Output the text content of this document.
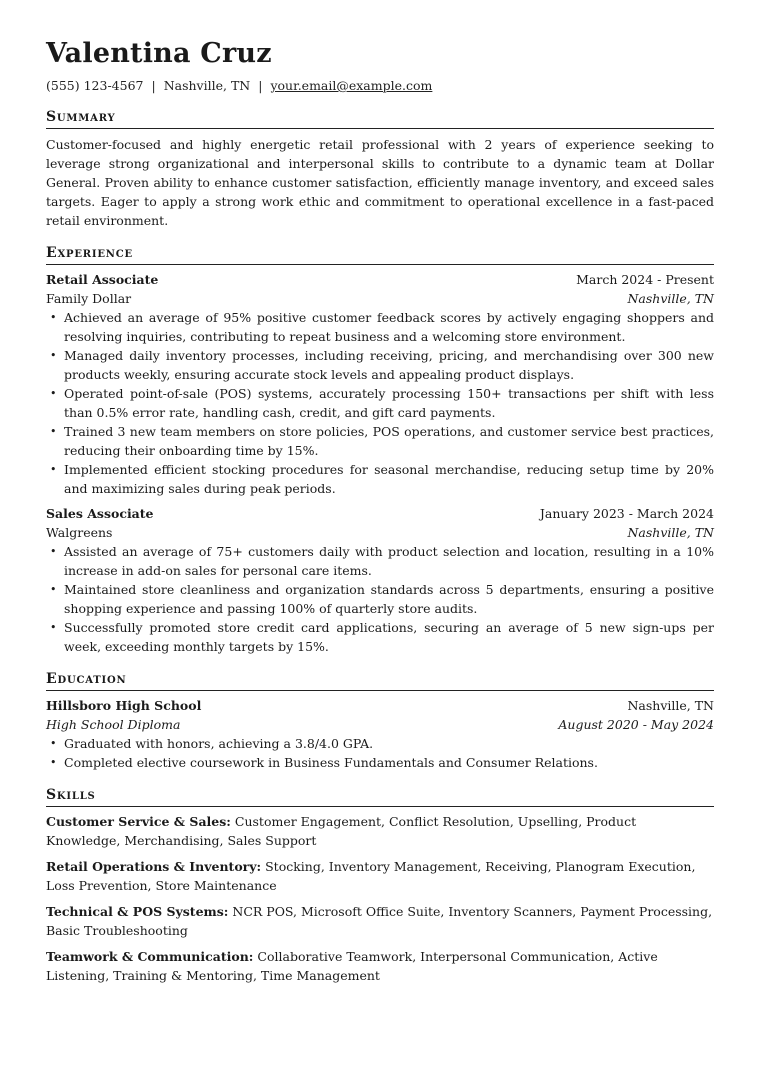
Valentina Cruz
(555) 123-4567 | Nashville, TN | your.email@example.com
Summary

Customer-focused and highly energetic retail professional with 2 years of experience seeking to leverage strong organizational and interpersonal skills to contribute to a dynamic team at Dollar General. Proven ability to enhance customer satisfaction, efficiently manage inventory, and exceed sales targets. Eager to apply a strong work ethic and commitment to operational excellence in a fast-paced retail environment.

Experience
Retail Associate	March 2024 - Present
Family Dollar	Nashville, TN
• Achieved an average of 95% positive customer feedback scores by actively engaging shoppers and resolving inquiries, contributing to repeat business and a welcoming store environment.
• Managed daily inventory processes, including receiving, pricing, and merchandising over 300 new products weekly, ensuring accurate stock levels and appealing product displays.
• Operated point-of-sale (POS) systems, accurately processing 150+ transactions per shift with less than 0.5% error rate, handling cash, credit, and gift card payments.
• Trained 3 new team members on store policies, POS operations, and customer service best practices, reducing their onboarding time by 15%.
• Implemented efficient stocking procedures for seasonal merchandise, reducing setup time by 20% and maximizing sales during peak periods.
Sales Associate	January 2023 - March 2024
Walgreens	Nashville, TN
• Assisted an average of 75+ customers daily with product selection and location, resulting in a 10% increase in add-on sales for personal care items.
• Maintained store cleanliness and organization standards across 5 departments, ensuring a positive shopping experience and passing 100% of quarterly store audits.
• Successfully promoted store credit card applications, securing an average of 5 new sign-ups per week, exceeding monthly targets by 15%.
Education
Hillsboro High School	Nashville, TN
High School Diploma	August 2020 - May 2024
• Graduated with honors, achieving a 3.8/4.0 GPA.
• Completed elective coursework in Business Fundamentals and Consumer Relations.
Skills

Customer Service & Sales: Customer Engagement, Conflict Resolution, Upselling, Product Knowledge, Merchandising, Sales Support

Retail Operations & Inventory: Stocking, Inventory Management, Receiving, Planogram Execution, Loss Prevention, Store Maintenance

Technical & POS Systems: NCR POS, Microsoft Office Suite, Inventory Scanners, Payment Processing, Basic Troubleshooting

Teamwork & Communication: Collaborative Teamwork, Interpersonal Communication, Active Listening, Training & Mentoring, Time Management
